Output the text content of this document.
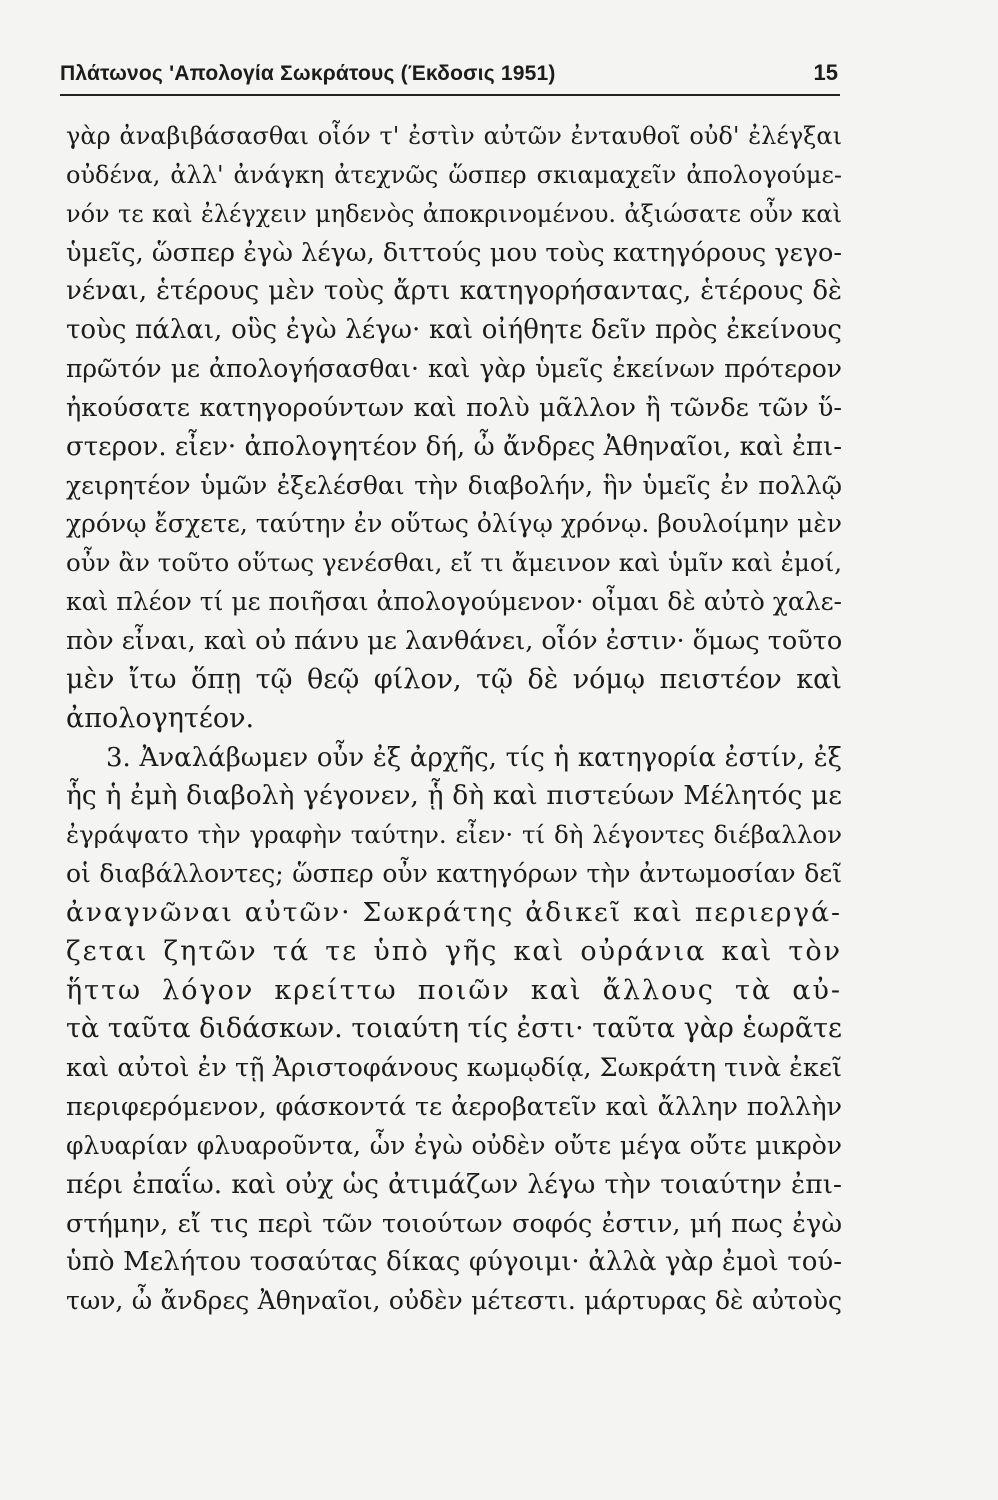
Πλάτωνος 'Απολογία Σωκράτους (Έκδοσις 1951)	15
γὰρ ἀναβιβάσασθαι οἷόν τ' ἐστὶν αὐτῶν ἐνταυθοῖ οὐδ' ἐλέγξαι
οὐδένα, ἀλλ' ἀνάγκη ἀτεχνῶς ὥσπερ σκιαμαχεῖν ἀπολογούμε-
νόν τε καὶ ἐλέγχειν μηδενὸς ἀποκρινομένου. ἀξιώσατε οὖν καὶ
ὑμεῖς, ὥσπερ ἐγὼ λέγω, διττούς μου τοὺς κατηγόρους γεγο-
νέναι, ἑτέρους μὲν τοὺς ἄρτι κατηγορήσαντας, ἑτέρους δὲ
τοὺς πάλαι, οὓς ἐγὼ λέγω· καὶ οἰήθητε δεῖν πρὸς ἐκείνους
πρῶτόν με ἀπολογήσασθαι· καὶ γὰρ ὑμεῖς ἐκείνων πρότερον
ἠκούσατε κατηγορούντων καὶ πολὺ μᾶλλον ἢ τῶνδε τῶν ὕ-
στερον. εἶεν· ἀπολογητέον δή, ὦ ἄνδρες Ἀθηναῖοι, καὶ ἐπι-
χειρητέον ὑμῶν ἐξελέσθαι τὴν διαβολήν, ἣν ὑμεῖς ἐν πολλῷ
χρόνῳ ἔσχετε, ταύτην ἐν οὕτως ὀλίγῳ χρόνῳ. βουλοίμην μὲν
οὖν ἂν τοῦτο οὕτως γενέσθαι, εἴ τι ἄμεινον καὶ ὑμῖν καὶ ἐμοί,
καὶ πλέον τί με ποιῆσαι ἀπολογούμενον· οἶμαι δὲ αὐτὸ χαλε-
πὸν εἶναι, καὶ οὐ πάνυ με λανθάνει, οἷόν ἐστιν· ὅμως τοῦτο
μὲν ἴτω ὅπῃ τῷ θεῷ φίλον, τῷ δὲ νόμῳ πειστέον καὶ
ἀπολογητέον.
3. Ἀναλάβωμεν οὖν ἐξ ἀρχῆς, τίς ἡ κατηγορία ἐστίν, ἐξ
ἧς ἡ ἐμὴ διαβολὴ γέγονεν, ᾗ δὴ καὶ πιστεύων Μέλητός με
ἐγράψατο τὴν γραφὴν ταύτην. εἶεν· τί δὴ λέγοντες διέβαλλον
οἱ διαβάλλοντες; ὥσπερ οὖν κατηγόρων τὴν ἀντωμοσίαν δεῖ
ἀναγνῶναι αὐτῶν· Σωκράτης ἀδικεῖ καὶ περιεργά-
ζεται ζητῶν τά τε ὑπὸ γῆς καὶ οὐράνια καὶ τὸν
ἥττω λόγον κρείττω ποιῶν καὶ ἄλλους τὰ αὐ-
τὰ ταῦτα διδάσκων. τοιαύτη τίς ἐστι· ταῦτα γὰρ ἑωρᾶτε
καὶ αὐτοὶ ἐν τῇ Ἀριστοφάνους κωμῳδίᾳ, Σωκράτη τινὰ ἐκεῖ
περιφερόμενον, φάσκοντά τε ἀεροβατεῖν καὶ ἄλλην πολλὴν
φλυαρίαν φλυαροῦντα, ὧν ἐγὼ οὐδὲν οὔτε μέγα οὔτε μικρὸν
πέρι ἐπαΐω. καὶ οὐχ ὡς ἀτιμάζων λέγω τὴν τοιαύτην ἐπι-
στήμην, εἴ τις περὶ τῶν τοιούτων σοφός ἐστιν, μή πως ἐγὼ
ὑπὸ Μελήτου τοσαύτας δίκας φύγοιμι· ἀλλὰ γὰρ ἐμοὶ τού-
των, ὦ ἄνδρες Ἀθηναῖοι, οὐδὲν μέτεστι. μάρτυρας δὲ αὐτοὺς
